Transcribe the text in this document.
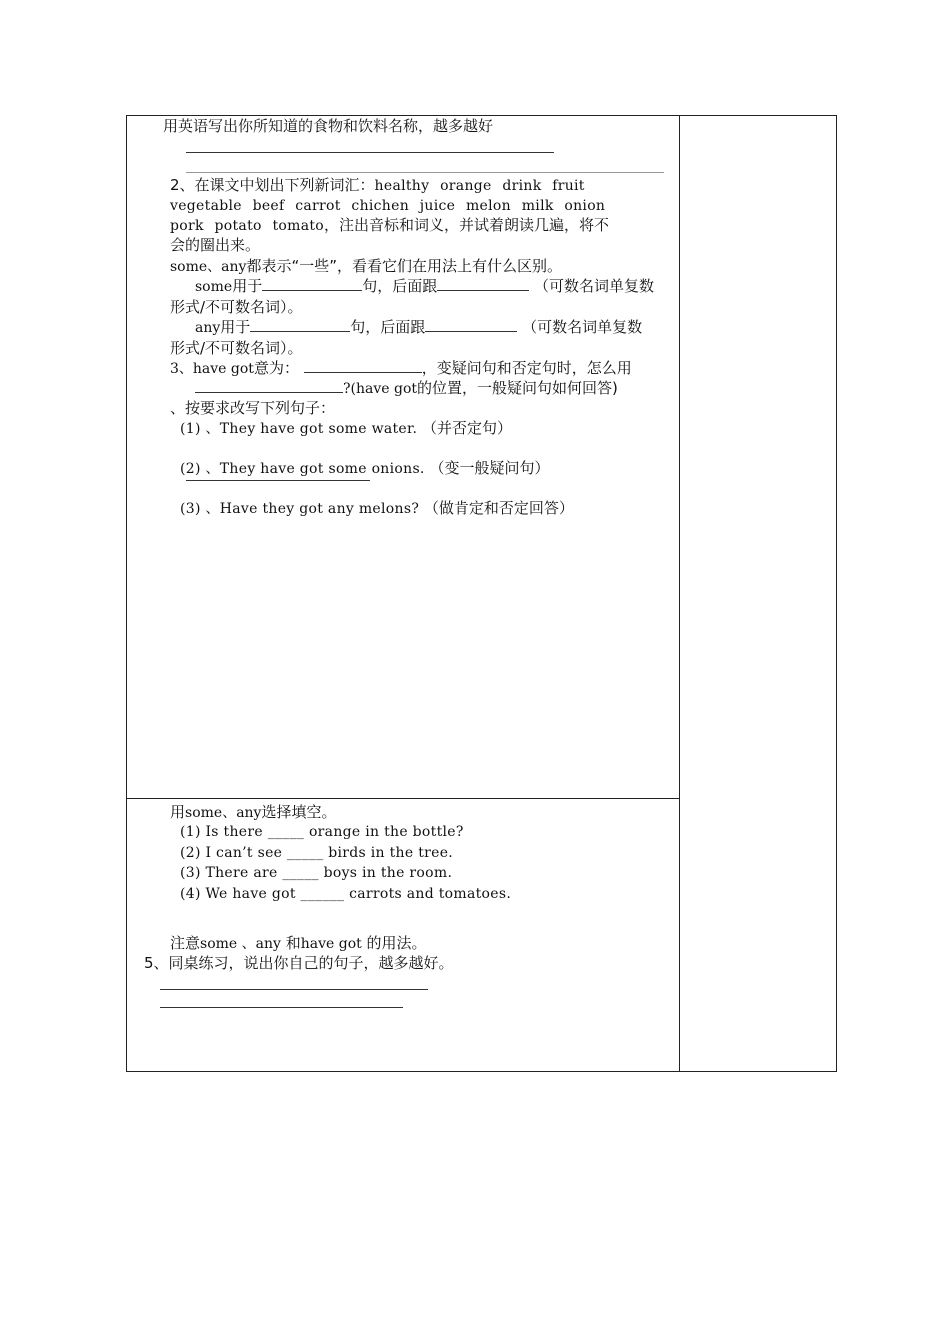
用英语写出你所知道的食物和饮料名称，越多越好
2、在课文中划出下列新词汇：healthy orange drink fruit
vegetable beef carrot chichen juice melon milk onion
pork potato tomato，注出音标和词义，并试着朗读几遍，将不
会的圈出来。
some、any都表示“一些”，看看它们在用法上有什么区别。
some用于	句，后面跟	（可数名词单复数
形式/不可数名词）。
any用于	句，后面跟	（可数名词单复数
形式/不可数名词）。
3、have got意为：	，变疑问句和否定句时，怎么用
?(have got的位置，一般疑问句如何回答)
、按要求改写下列句子：
(1) 、They have got some water. （并否定句）
(2) 、They have got some onions. （变一般疑问句）
(3) 、Have they got any melons? （做肯定和否定回答）
用some、any选择填空。
(1) Is there _____ orange in the bottle?
(2) I can’t see _____ birds in the tree.
(3) There are _____ boys in the room.
(4) We have got ______ carrots and tomatoes.
注意some 、any 和have got 的用法。
5、同桌练习，说出你自己的句子，越多越好。
